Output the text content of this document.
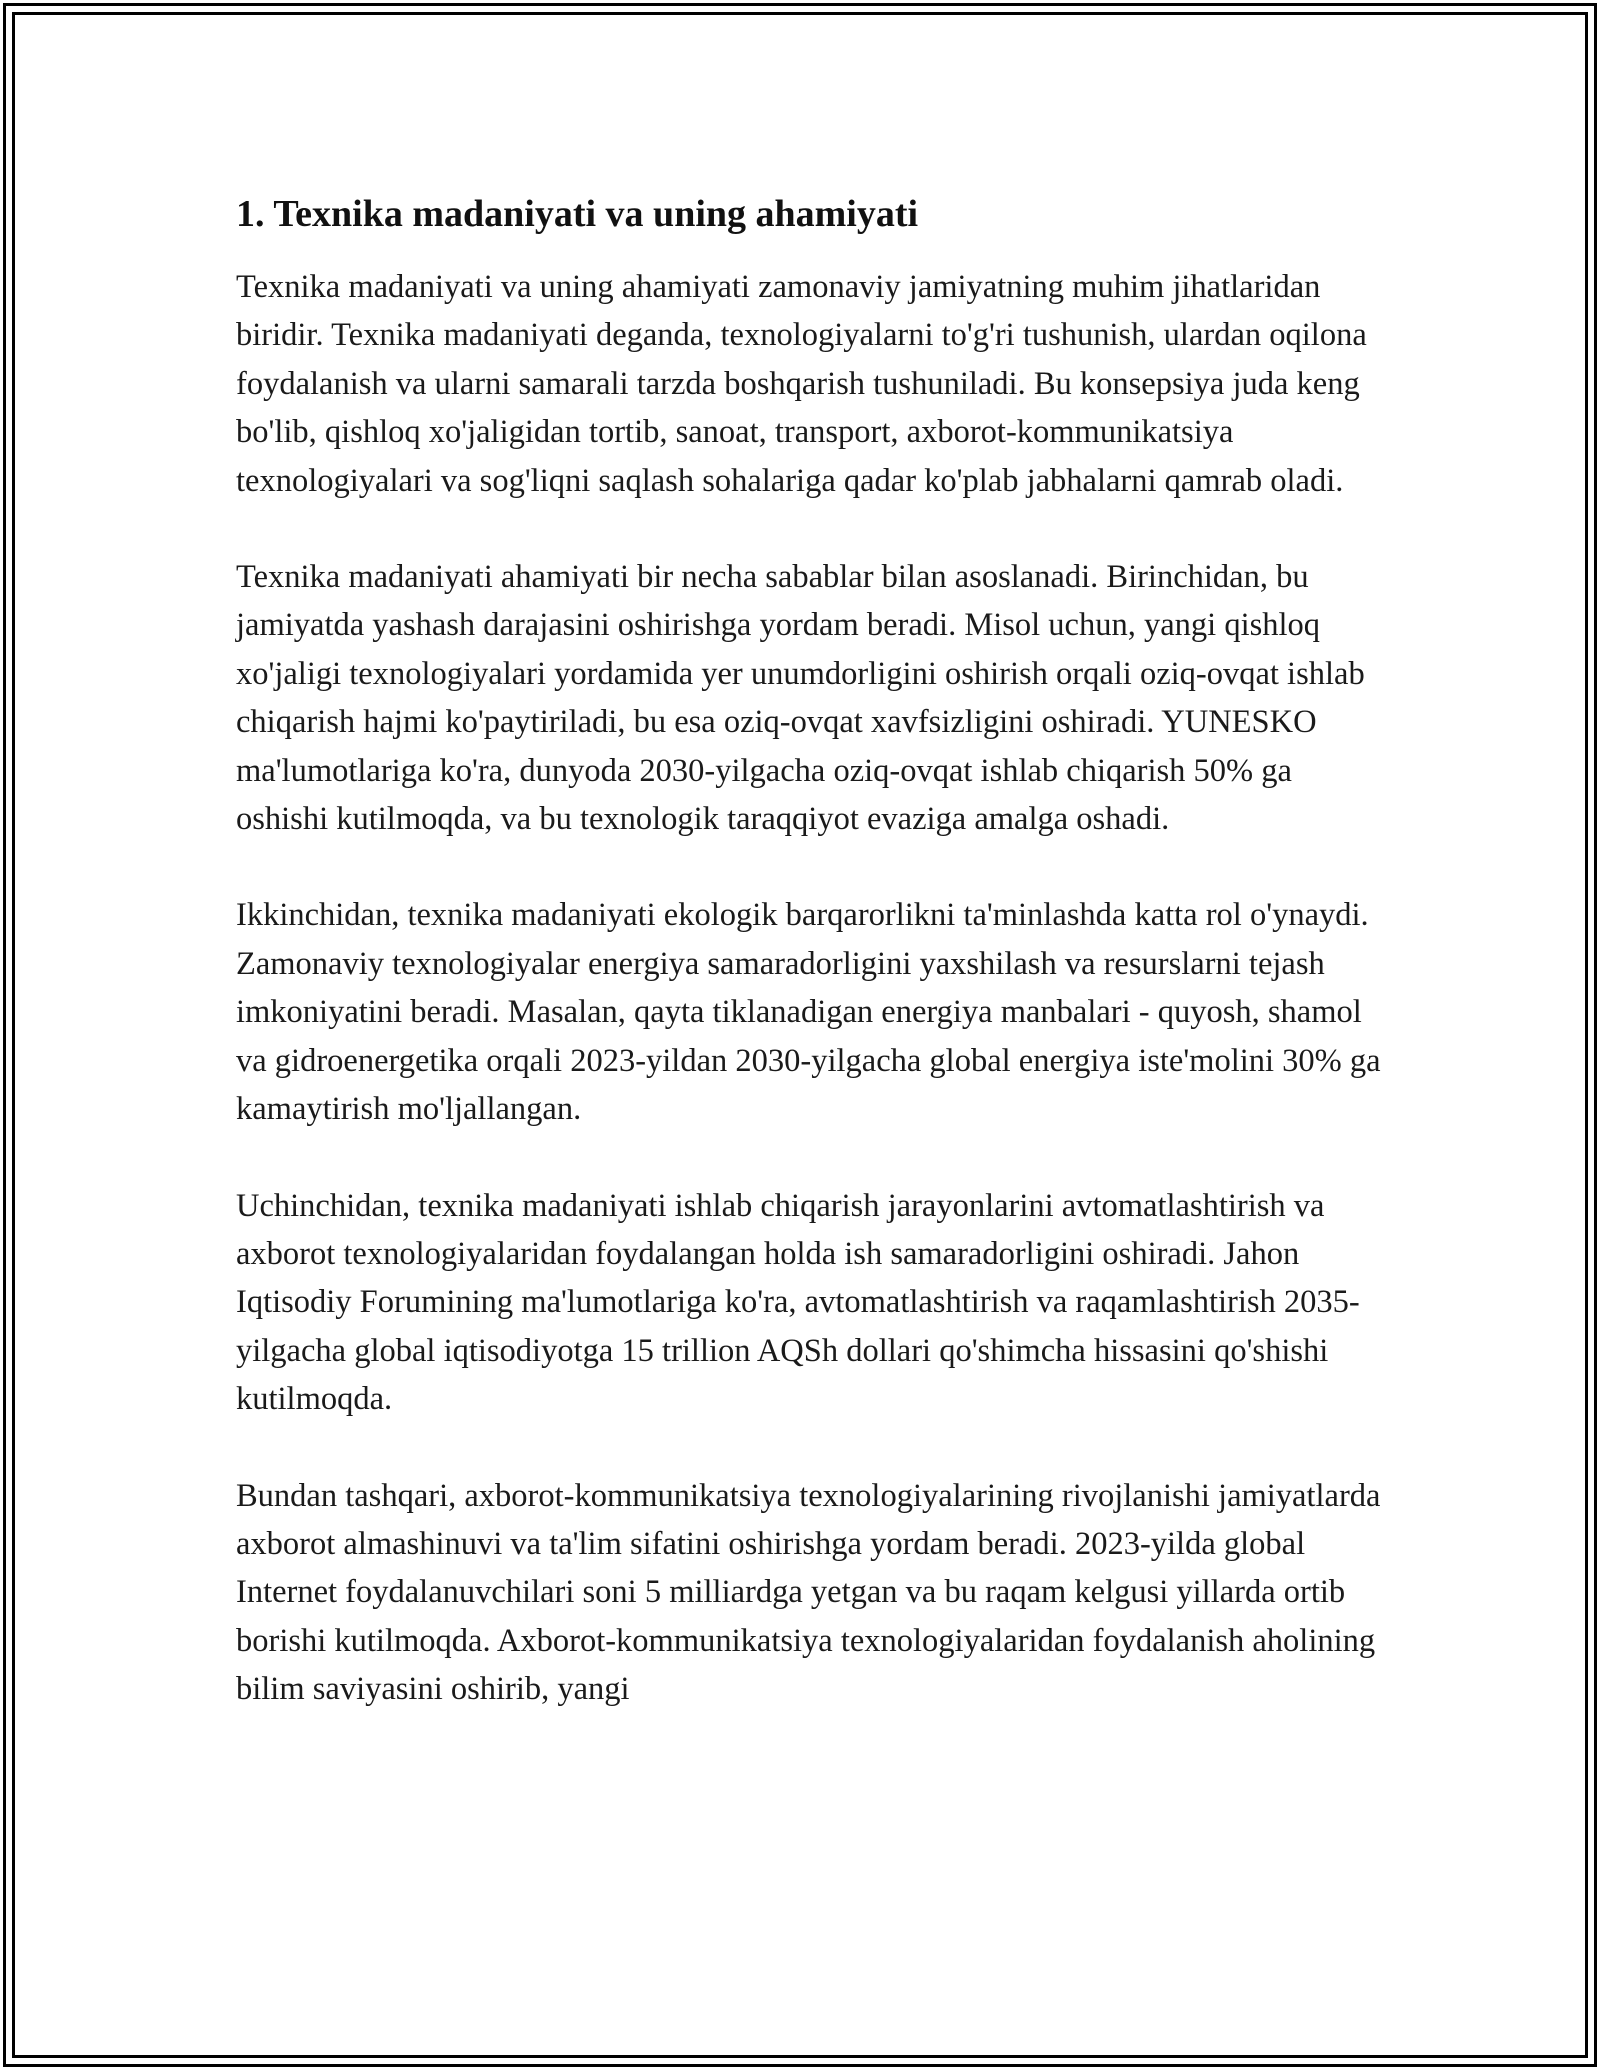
1. Texnika madaniyati va uning ahamiyati

Texnika madaniyati va uning ahamiyati zamonaviy jamiyatning muhim jihatlaridan biridir. Texnika madaniyati deganda, texnologiyalarni to'g'ri tushunish, ulardan oqilona foydalanish va ularni samarali tarzda boshqarish tushuniladi. Bu konsepsiya juda keng bo'lib, qishloq xo'jaligidan tortib, sanoat, transport, axborot-kommunikatsiya texnologiyalari va sog'liqni saqlash sohalariga qadar ko'plab jabhalarni qamrab oladi.

Texnika madaniyati ahamiyati bir necha sabablar bilan asoslanadi. Birinchidan, bu jamiyatda yashash darajasini oshirishga yordam beradi. Misol uchun, yangi qishloq xo'jaligi texnologiyalari yordamida yer unumdorligini oshirish orqali oziq-ovqat ishlab chiqarish hajmi ko'paytiriladi, bu esa oziq-ovqat xavfsizligini oshiradi. YUNESKO ma'lumotlariga ko'ra, dunyoda 2030-yilgacha oziq-ovqat ishlab chiqarish 50% ga oshishi kutilmoqda, va bu texnologik taraqqiyot evaziga amalga oshadi.

Ikkinchidan, texnika madaniyati ekologik barqarorlikni ta'minlashda katta rol o'ynaydi. Zamonaviy texnologiyalar energiya samaradorligini yaxshilash va resurslarni tejash imkoniyatini beradi. Masalan, qayta tiklanadigan energiya manbalari - quyosh, shamol va gidroenergetika orqali 2023-yildan 2030-yilgacha global energiya iste'molini 30% ga kamaytirish mo'ljallangan.

Uchinchidan, texnika madaniyati ishlab chiqarish jarayonlarini avtomatlashtirish va axborot texnologiyalaridan foydalangan holda ish samaradorligini oshiradi. Jahon Iqtisodiy Forumining ma'lumotlariga ko'ra, avtomatlashtirish va raqamlashtirish 2035-yilgacha global iqtisodiyotga 15 trillion AQSh dollari qo'shimcha hissasini qo'shishi kutilmoqda.

Bundan tashqari, axborot-kommunikatsiya texnologiyalarining rivojlanishi jamiyatlarda axborot almashinuvi va ta'lim sifatini oshirishga yordam beradi. 2023-yilda global Internet foydalanuvchilari soni 5 milliardga yetgan va bu raqam kelgusi yillarda ortib borishi kutilmoqda. Axborot-kommunikatsiya texnologiyalaridan foydalanish aholining bilim saviyasini oshirib, yangi
